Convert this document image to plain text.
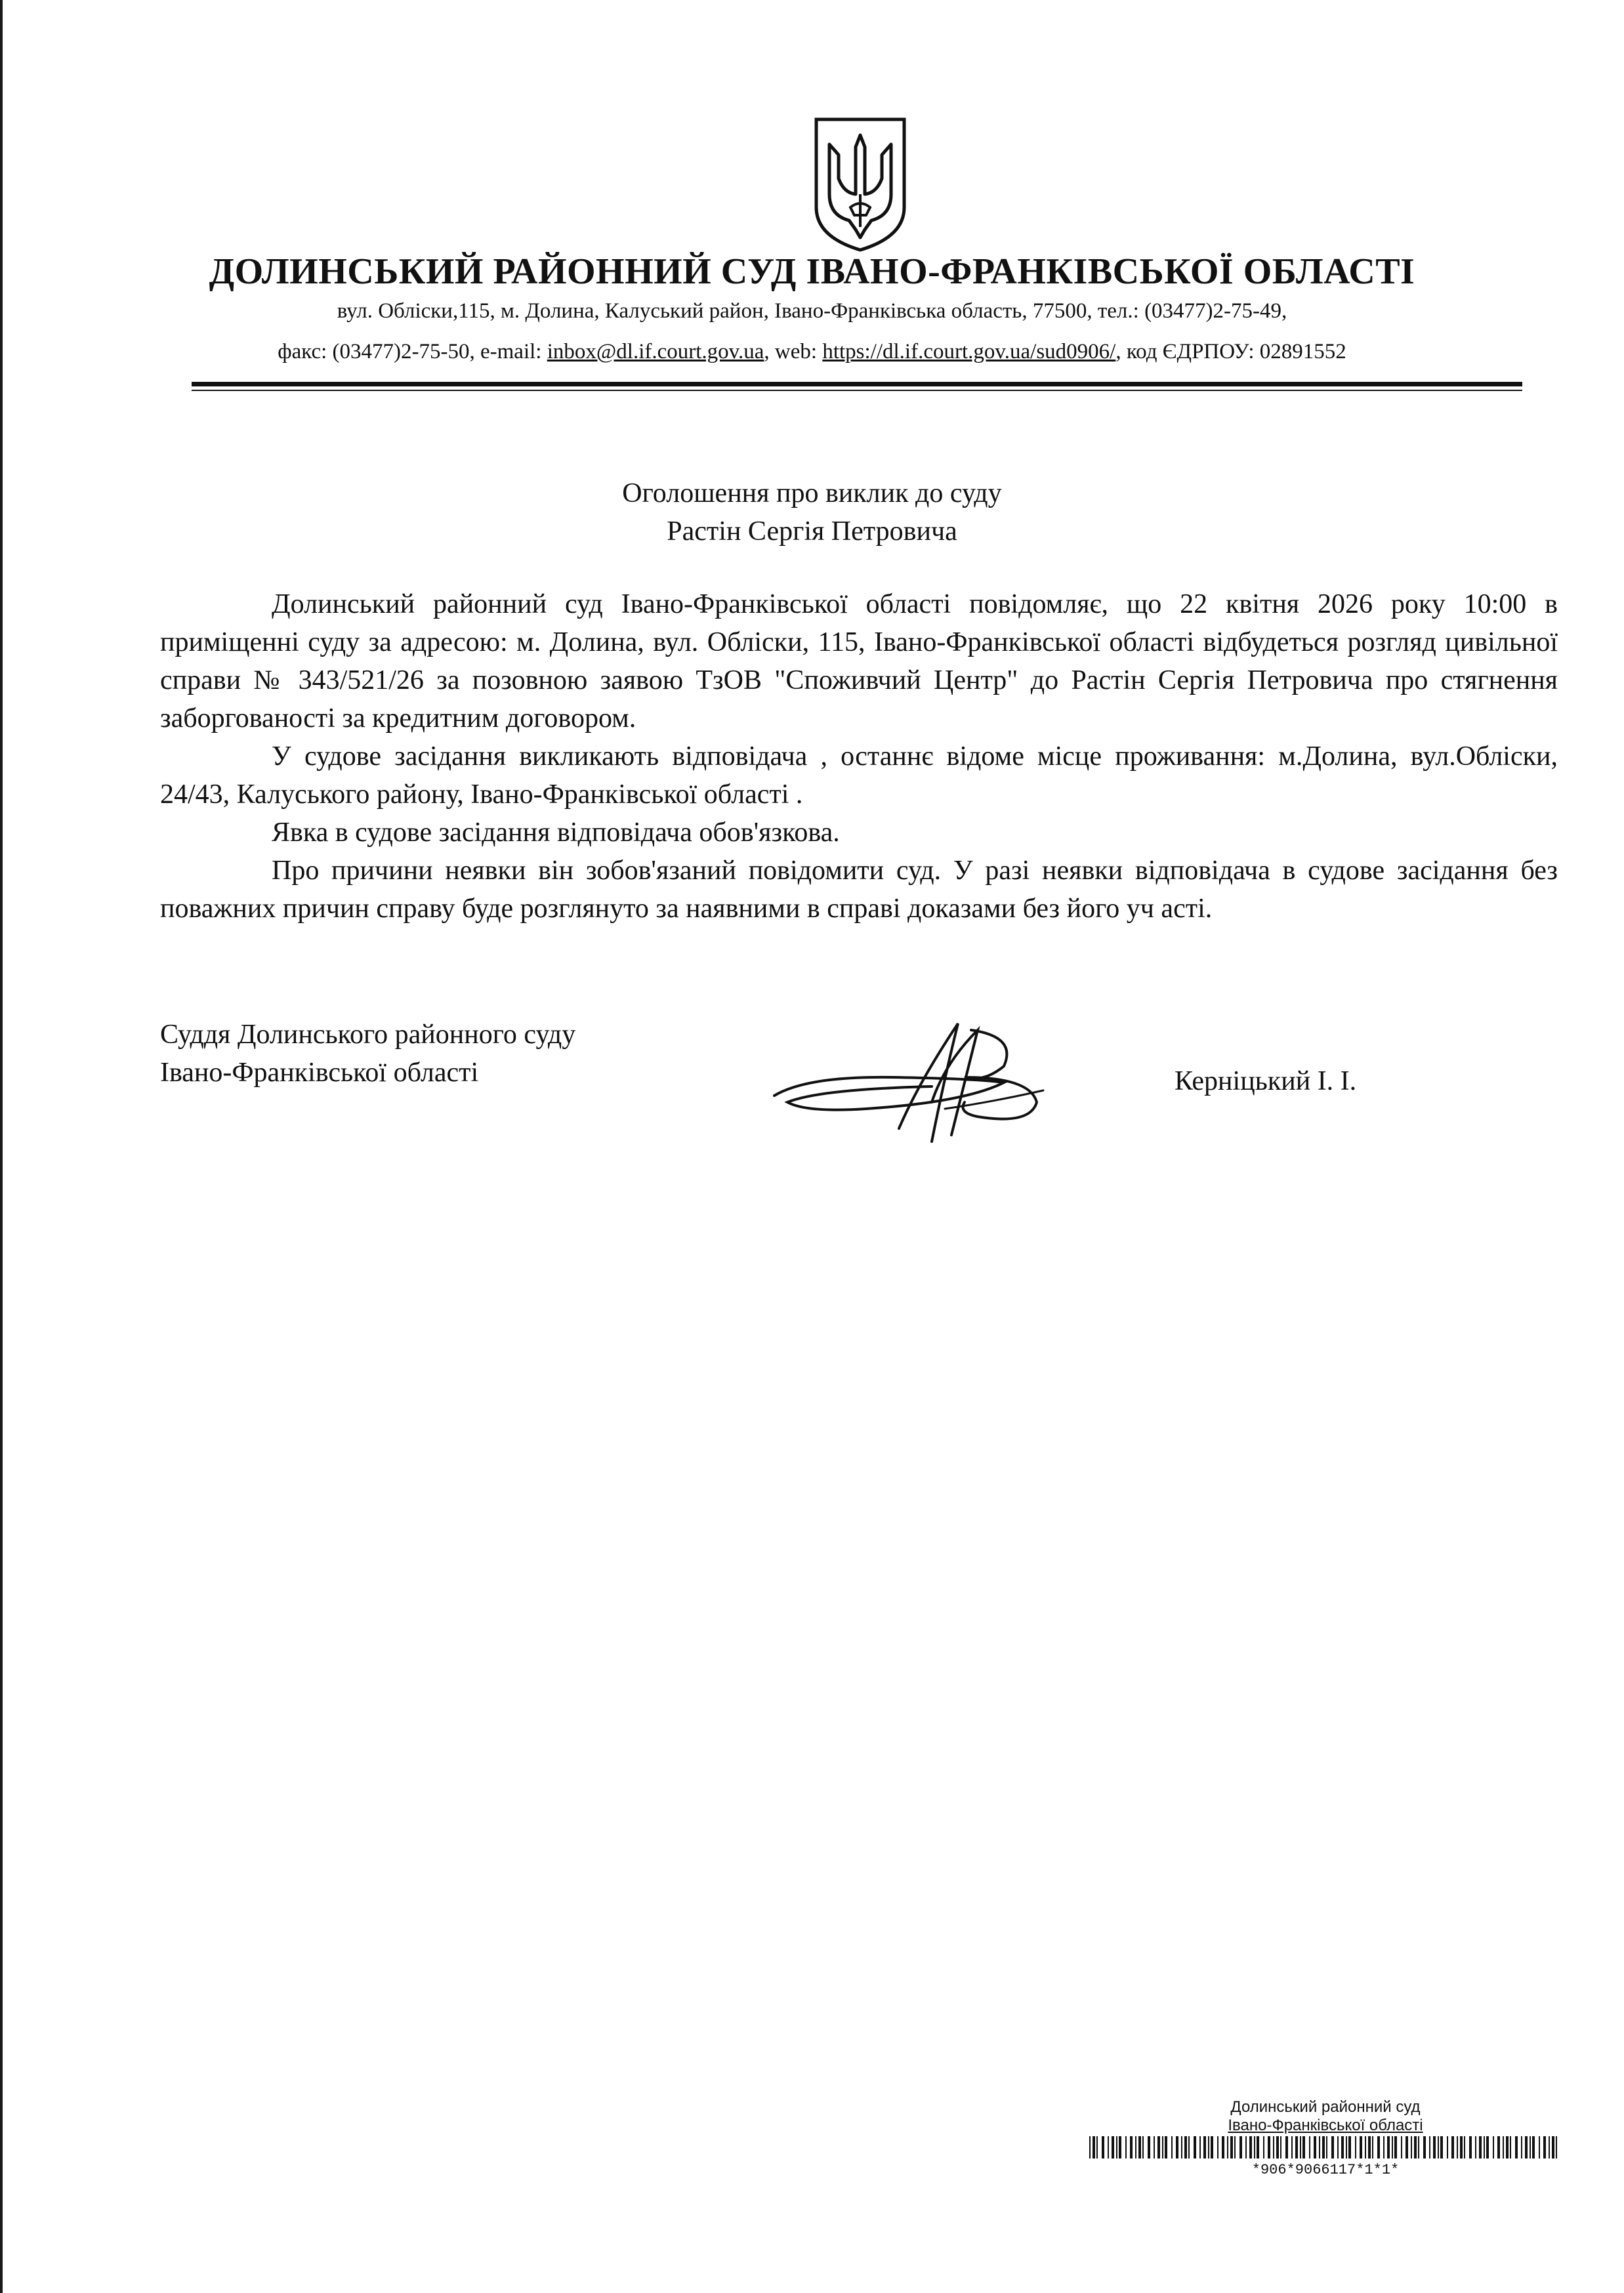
ДОЛИНСЬКИЙ РАЙОННИЙ СУД ІВАНО-ФРАНКІВСЬКОЇ ОБЛАСТІ
вул. Обліски,115, м. Долина, Калуський район, Івано-Франківська область, 77500, тел.: (03477)2-75-49,
факс: (03477)2-75-50, e-mail: inbox@dl.if.court.gov.ua, web: https://dl.if.court.gov.ua/sud0906/, код ЄДРПОУ: 02891552
Оголошення про виклик до суду
Растін Сергія Петровича

Долинський районний суд Івано-Франківської області повідомляє, що 22 квітня 2026 року 10:00 в приміщенні суду за адресою: м. Долина, вул. Обліски, 115, Івано-Франківської області відбудеться розгляд цивільної справи № 343/521/26 за позовною заявою ТзОВ "Споживчий Центр" до Растін Сергія Петровича про стягнення заборгованості за кредитним договором.

У судове засідання викликають відповідача , останнє відоме місце проживання: м.Долина, вул.Обліски, 24/43, Калуського району, Івано-Франківської області .

Явка в судове засідання відповідача обов'язкова.

Про причини неявки він зобов'язаний повідомити суд. У разі неявки відповідача в судове засідання без поважних причин справу буде розглянуто за наявними в справі доказами без його уч асті.

Суддя Долинського районного суду
Івано-Франківської області	Керніцький І. І.
Долинський районний суд
Івано-Франківської області
*906*9066117*1*1*
